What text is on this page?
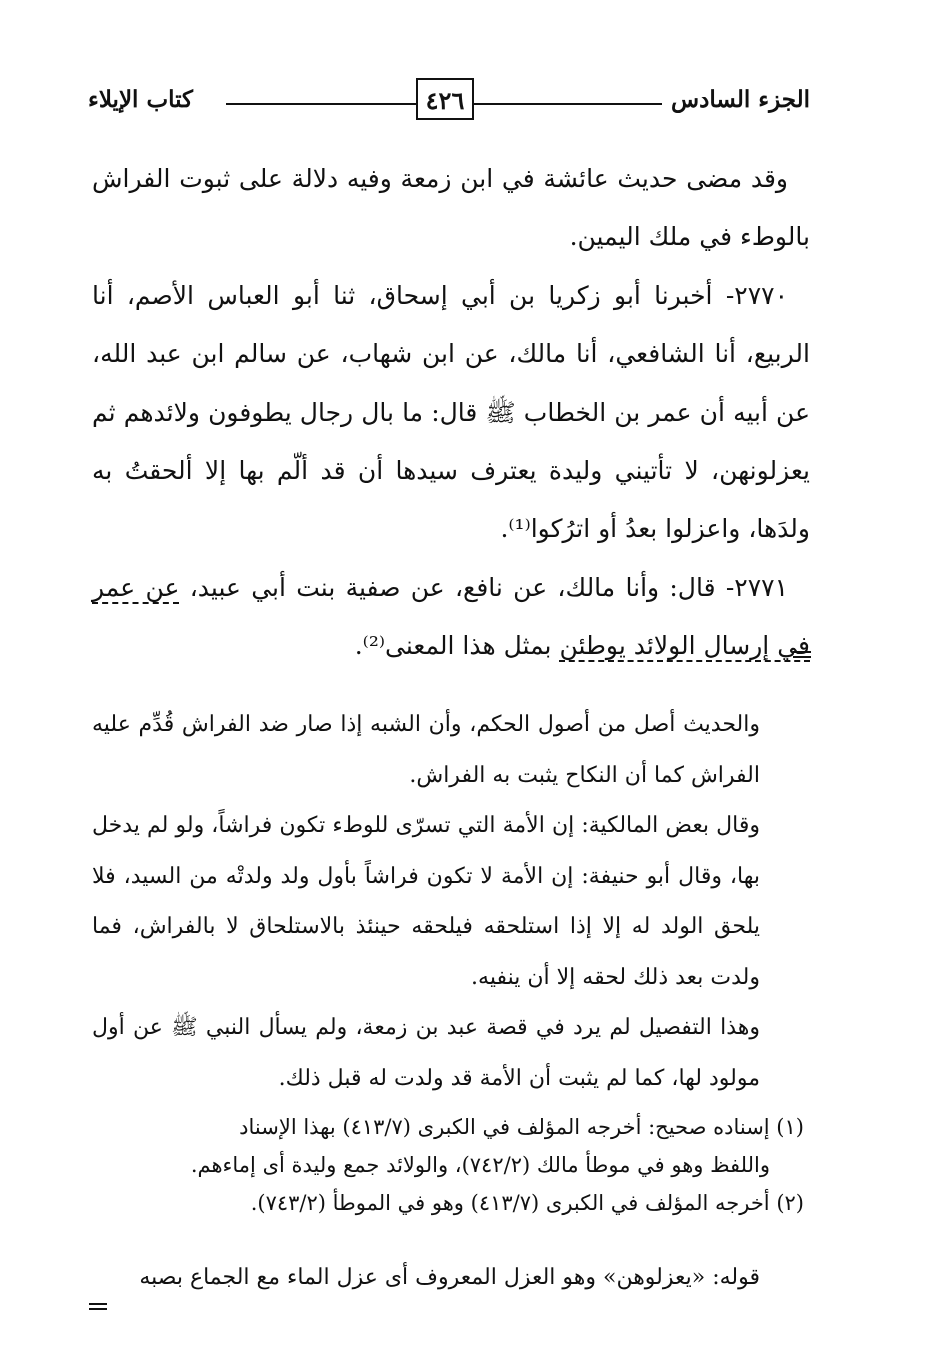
الجزء السادس
٤٢٦
كتاب الإيلاء

وقد مضى حديث عائشة في ابن زمعة وفيه دلالة على ثبوت الفراش بالوطء في ملك اليمين.

٢٧٧٠- أخبرنا أبو زكريا بن أبي إسحاق، ثنا أبو العباس الأصم، أنا الربيع، أنا الشافعي، أنا مالك، عن ابن شهاب، عن سالم ابن عبد الله، عن أبيه أن عمر بن الخطاب ﷺ قال: ما بال رجال يطوفون ولائدهم ثم يعزلونهن، لا تأتيني وليدة يعترف سيدها أن قد ألّم بها إلا ألحقتُ به ولدَها، واعزلوا بعدُ أو اترُكوا⁽¹⁾.

٢٧٧١- قال: وأنا مالك، عن نافع، عن صفية بنت أبي عبيد، عن عمر في إرسال الولائد يوطئن بمثل هذا المعنى⁽²⁾.

والحديث أصل من أصول الحكم، وأن الشبه إذا صار ضد الفراش قُدِّم عليه الفراش كما أن النكاح يثبت به الفراش.

وقال بعض المالكية: إن الأمة التي تسرّى للوطء تكون فراشاً، ولو لم يدخل بها، وقال أبو حنيفة: إن الأمة لا تكون فراشاً بأول ولد ولدتْه من السيد، فلا يلحق الولد له إلا إذا استلحقه فيلحقه حينئذ بالاستلحاق لا بالفراش، فما ولدت بعد ذلك لحقه إلا أن ينفيه.

وهذا التفصيل لم يرد في قصة عبد بن زمعة، ولم يسأل النبي ﷺ عن أول مولود لها، كما لم يثبت أن الأمة قد ولدت له قبل ذلك.

(١) إسناده صحيح: أخرجه المؤلف في الكبرى (٤١٣/٧) بهذا الإسناد

واللفظ وهو في موطأ مالك (٧٤٢/٢)، والولائد جمع وليدة أى إماءهم.

(٢) أخرجه المؤلف في الكبرى (٤١٣/٧) وهو في الموطأ (٧٤٣/٢).

قوله: «يعزلوهن» وهو العزل المعروف أى عزل الماء مع الجماع بصبه
